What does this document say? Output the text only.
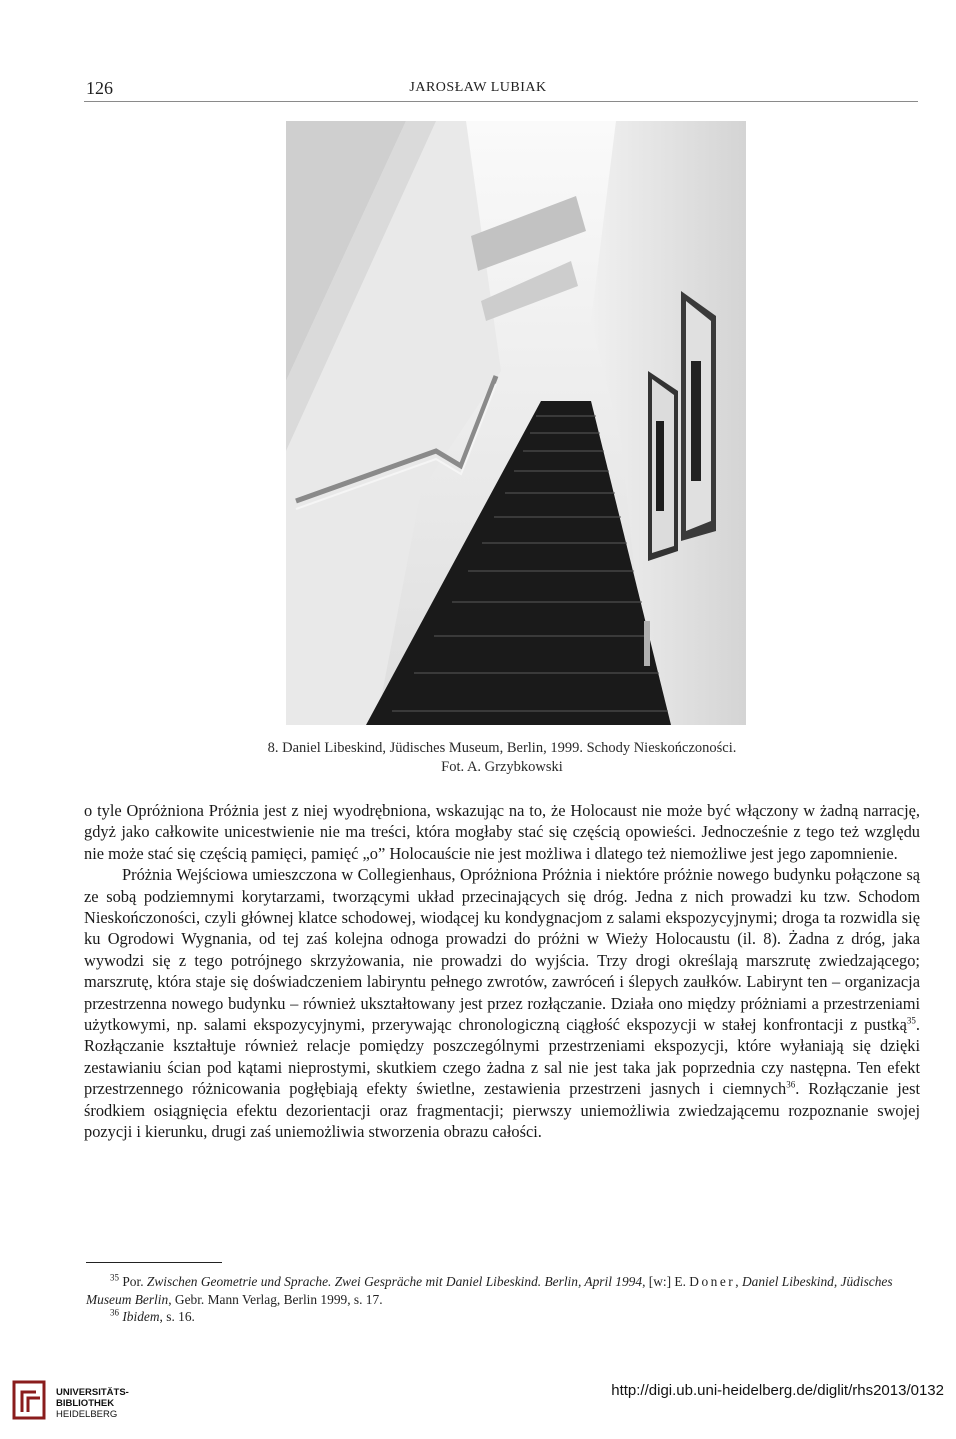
126	JAROSŁAW LUBIAK
8. Daniel Libeskind, Jüdisches Museum, Berlin, 1999. Schody Nieskończoności.
Fot. A. Grzybkowski

o tyle Opróżniona Próżnia jest z niej wyodrębniona, wskazując na to, że Holocaust nie może być włączony w żadną narrację, gdyż jako całkowite unicestwienie nie ma treści, która mogłaby stać się częścią opowieści. Jednocześnie z tego też względu nie może stać się częścią pamięci, pamięć „o” Holocauście nie jest możliwa i dlatego też niemożliwe jest jego zapomnienie.

Próżnia Wejściowa umieszczona w Collegienhaus, Opróżniona Próżnia i niektóre próżnie nowego budynku połączone są ze sobą podziemnymi korytarzami, tworzącymi układ przecinających się dróg. Jedna z nich prowadzi ku tzw. Schodom Nieskończoności, czyli głównej klatce schodowej, wiodącej ku kondygnacjom z salami ekspozycyjnymi; droga ta rozwidla się ku Ogrodowi Wygnania, od tej zaś kolejna odnoga prowadzi do próżni w Wieży Holocaustu (il. 8). Żadna z dróg, jaka wywodzi się z tego potrójnego skrzyżowania, nie prowadzi do wyjścia. Trzy drogi określają marszrutę zwiedzającego; marszrutę, która staje się doświadczeniem labiryntu pełnego zwrotów, zawróceń i ślepych zaułków. Labirynt ten – organizacja przestrzenna nowego budynku – również ukształtowany jest przez rozłączanie. Działa ono między próżniami a przestrzeniami użytkowymi, np. salami ekspozycyjnymi, przerywając chronologiczną ciągłość ekspozycji w stałej konfrontacji z pustką$^{35}$. Rozłączanie kształtuje również relacje pomiędzy poszczególnymi przestrzeniami ekspozycji, które wyłaniają się dzięki zestawianiu ścian pod kątami nieprostymi, skutkiem czego żadna z sal nie jest taka jak poprzednia czy następna. Ten efekt przestrzennego różnicowania pogłębiają efekty świetlne, zestawienia przestrzeni jasnych i ciemnych$^{36}$. Rozłączanie jest środkiem osiągnięcia efektu dezorientacji oraz fragmentacji; pierwszy uniemożliwia zwiedzającemu rozpoznanie swojej pozycji i kierunku, drugi zaś uniemożliwia stworzenia obrazu całości.

$^{35}$ Por. Zwischen Geometrie und Sprache. Zwei Gespräche mit Daniel Libeskind. Berlin, April 1994, [w:] E. Doner, Daniel Libeskind, Jüdisches Museum Berlin, Gebr. Mann Verlag, Berlin 1999, s. 17.

$^{36}$ Ibidem, s. 16.

UNIVERSITÄTS-
BIBLIOTHEK
HEIDELBERG
http://digi.ub.uni-heidelberg.de/diglit/rhs2013/0132
